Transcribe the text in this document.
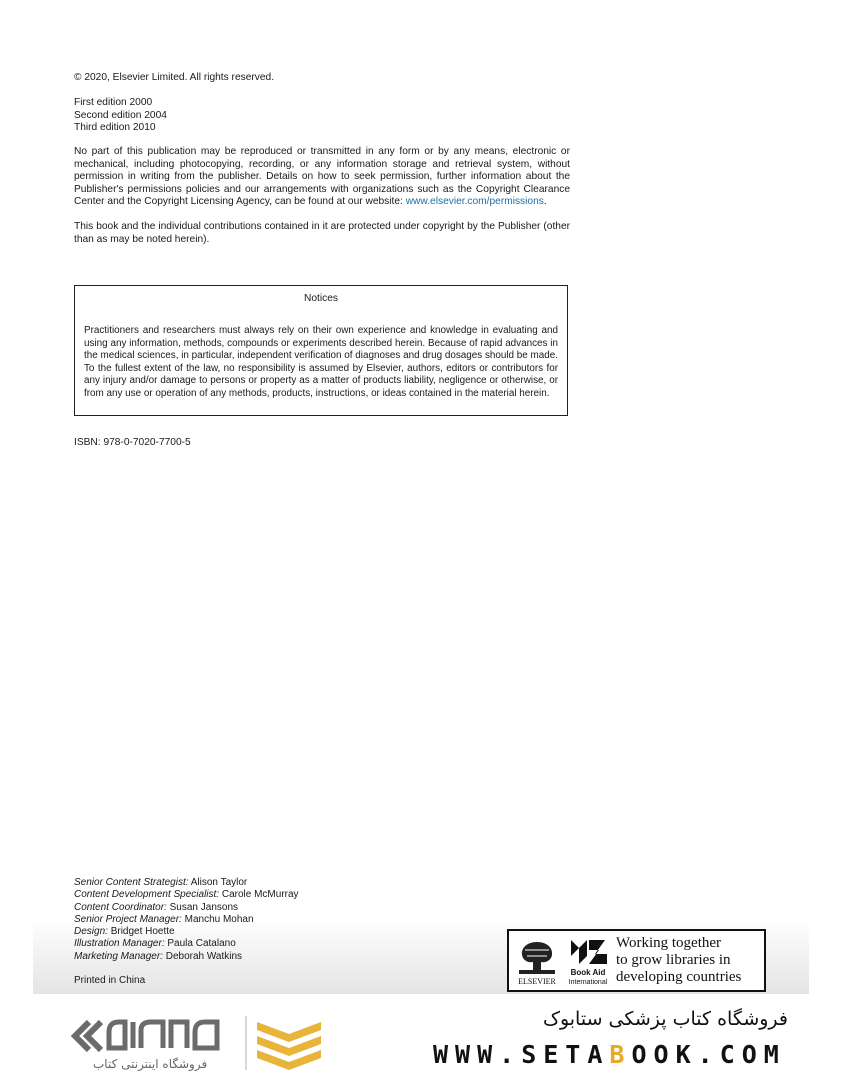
© 2020, Elsevier Limited. All rights reserved.
First edition 2000
Second edition 2004
Third edition 2010
No part of this publication may be reproduced or transmitted in any form or by any means, electronic or mechanical, including photocopying, recording, or any information storage and retrieval system, without permission in writing from the publisher. Details on how to seek permission, further information about the Publisher's permissions policies and our arrangements with organizations such as the Copyright Clearance Center and the Copyright Licensing Agency, can be found at our website: www.elsevier.com/permissions.
This book and the individual contributions contained in it are protected under copyright by the Publisher (other than as may be noted herein).
Notices
Practitioners and researchers must always rely on their own experience and knowledge in evaluating and using any information, methods, compounds or experiments described herein. Because of rapid advances in the medical sciences, in particular, independent verification of diagnoses and drug dosages should be made. To the fullest extent of the law, no responsibility is assumed by Elsevier, authors, editors or contributors for any injury and/or damage to persons or property as a matter of products liability, negligence or otherwise, or from any use or operation of any methods, products, instructions, or ideas contained in the material herein.
ISBN: 978-0-7020-7700-5
Senior Content Strategist: Alison Taylor
Content Development Specialist: Carole McMurray
Content Coordinator: Susan Jansons
Senior Project Manager: Manchu Mohan
Design: Bridget Hoette
Illustration Manager: Paula Catalano
Marketing Manager: Deborah Watkins
Printed in China	ELSEVIER
Book Aid
International
Working together
to grow libraries in
developing countries
فروشگاه اینترنتی کتاب
فروشگاه کتاب پزشکی ستابوک
WWW.SETABOOK.COM
